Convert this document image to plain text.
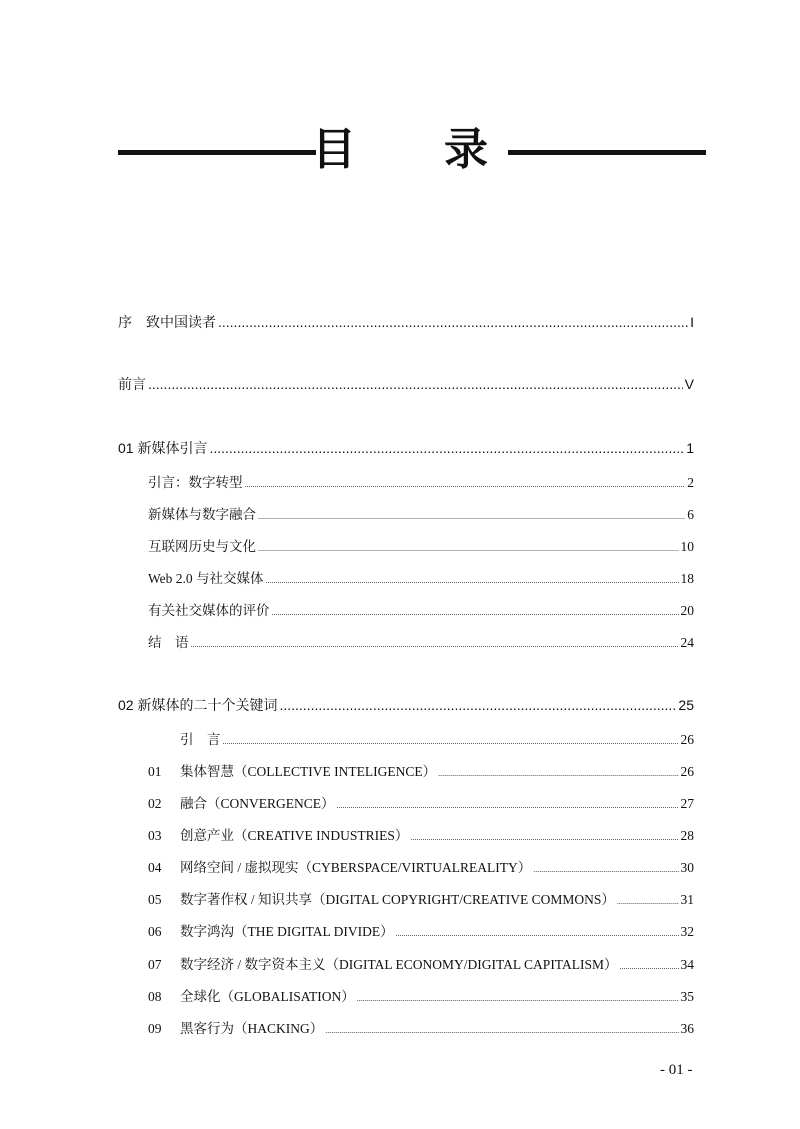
目 录
序 致中国读者 .....	I
前言 .....	V
01 新媒体引言 .....	1
引言：数字转型 .....	2
新媒体与数字融合 .....	6
互联网历史与文化 .....	10
Web 2.0 与社交媒体 .....	18
有关社交媒体的评价 .....	20
结　语 .....	24
02 新媒体的二十个关键词 .....	25
引　言 .....	26
01	集体智慧（COLLECTIVE INTELIGENCE） .....	26
02	融合（CONVERGENCE） .....	27
03	创意产业（CREATIVE INDUSTRIES） .....	28
04	网络空间 / 虚拟现实（CYBERSPACE/VIRTUALREALITY） .....	30
05	数字著作权 / 知识共享（DIGITAL COPYRIGHT/CREATIVE COMMONS） .....	31
06	数字鸿沟（THE DIGITAL DIVIDE） .....	32
07	数字经济 / 数字资本主义（DIGITAL ECONOMY/DIGITAL CAPITALISM） .....	34
08	全球化（GLOBALISATION） .....	35
09	黑客行为（HACKING） .....	36
- 01 -
